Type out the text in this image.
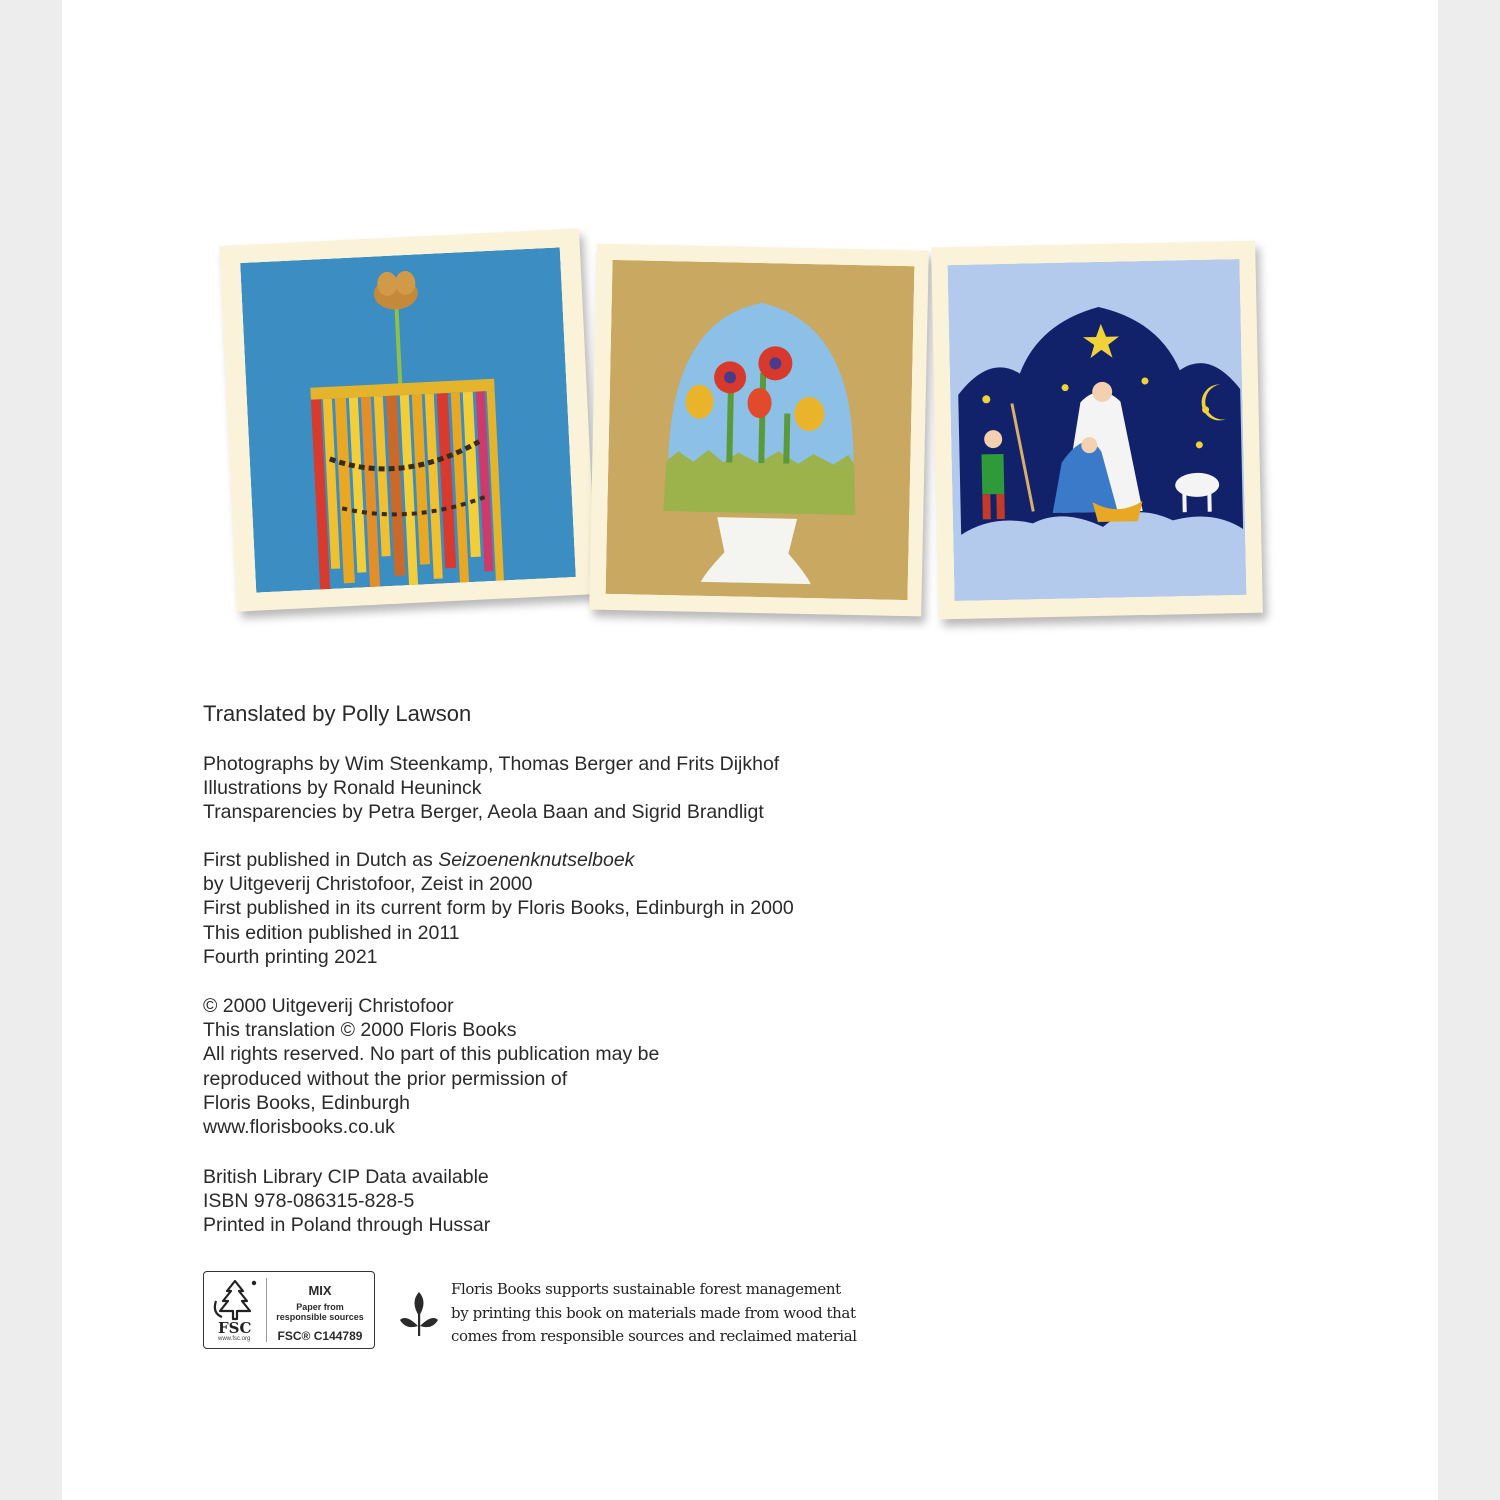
Translated by Polly Lawson
Photographs by Wim Steenkamp, Thomas Berger and Frits Dijkhof
Illustrations by Ronald Heuninck
Transparencies by Petra Berger, Aeola Baan and Sigrid Brandligt
First published in Dutch as Seizoenenknutselboek
by Uitgeverij Christofoor, Zeist in 2000
First published in its current form by Floris Books, Edinburgh in 2000
This edition published in 2011
Fourth printing 2021
© 2000 Uitgeverij Christofoor
This translation © 2000 Floris Books
All rights reserved. No part of this publication may be
reproduced without the prior permission of
Floris Books, Edinburgh
www.florisbooks.co.uk
British Library CIP Data available
ISBN 978-086315-828-5
Printed in Poland through Hussar
FSC
www.fsc.org
MIX
Paper from
responsible sources
FSC® C144789
Floris Books supports sustainable forest management
by printing this book on materials made from wood that
comes from responsible sources and reclaimed material
